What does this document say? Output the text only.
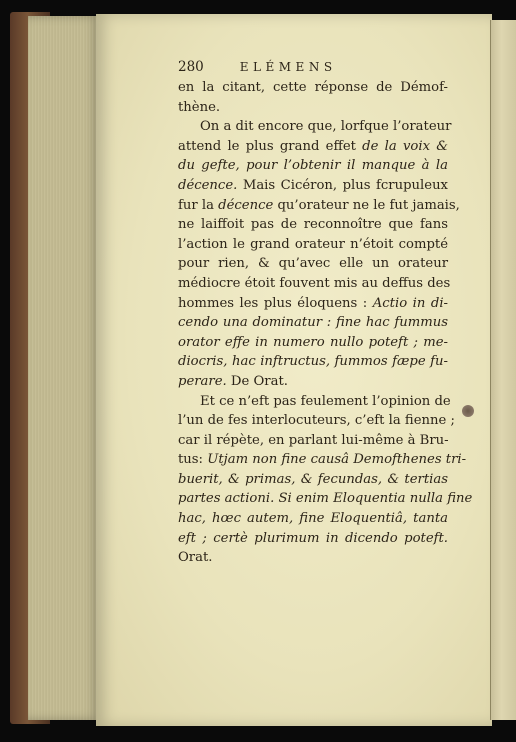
280	ELÉMENS
en la citant, cette réponse de Démof-
thène.
On a dit encore que, lorfque l’orateur
attend le plus grand effet de la voix &
du gefte, pour l’obtenir il manque à la
décence. Mais Cicéron, plus fcrupuleux
fur la décence qu’orateur ne le fut jamais,
ne laiffoit pas de reconnoître que fans
l’action le grand orateur n’étoit compté
pour rien, & qu’avec elle un orateur
médiocre étoit fouvent mis au deffus des
hommes les plus éloquens : Actio in di-
cendo una dominatur : fine hac fummus
orator effe in numero nullo poteft ; me-
diocris, hac inftructus, fummos fæpe fu-
perare. De Orat.
Et ce n’eft pas feulement l’opinion de
l’un de fes interlocuteurs, c’eft la fienne ;
car il répète, en parlant lui-même à Bru-
tus: Utjam non fine causâ Demofthenes tri-
buerit, & primas, & fecundas, & tertias
partes actioni. Si enim Eloquentia nulla fine
hac, hœc autem, fine Eloquentiâ, tanta
eft ; certè plurimum in dicendo poteft.
Orat.
